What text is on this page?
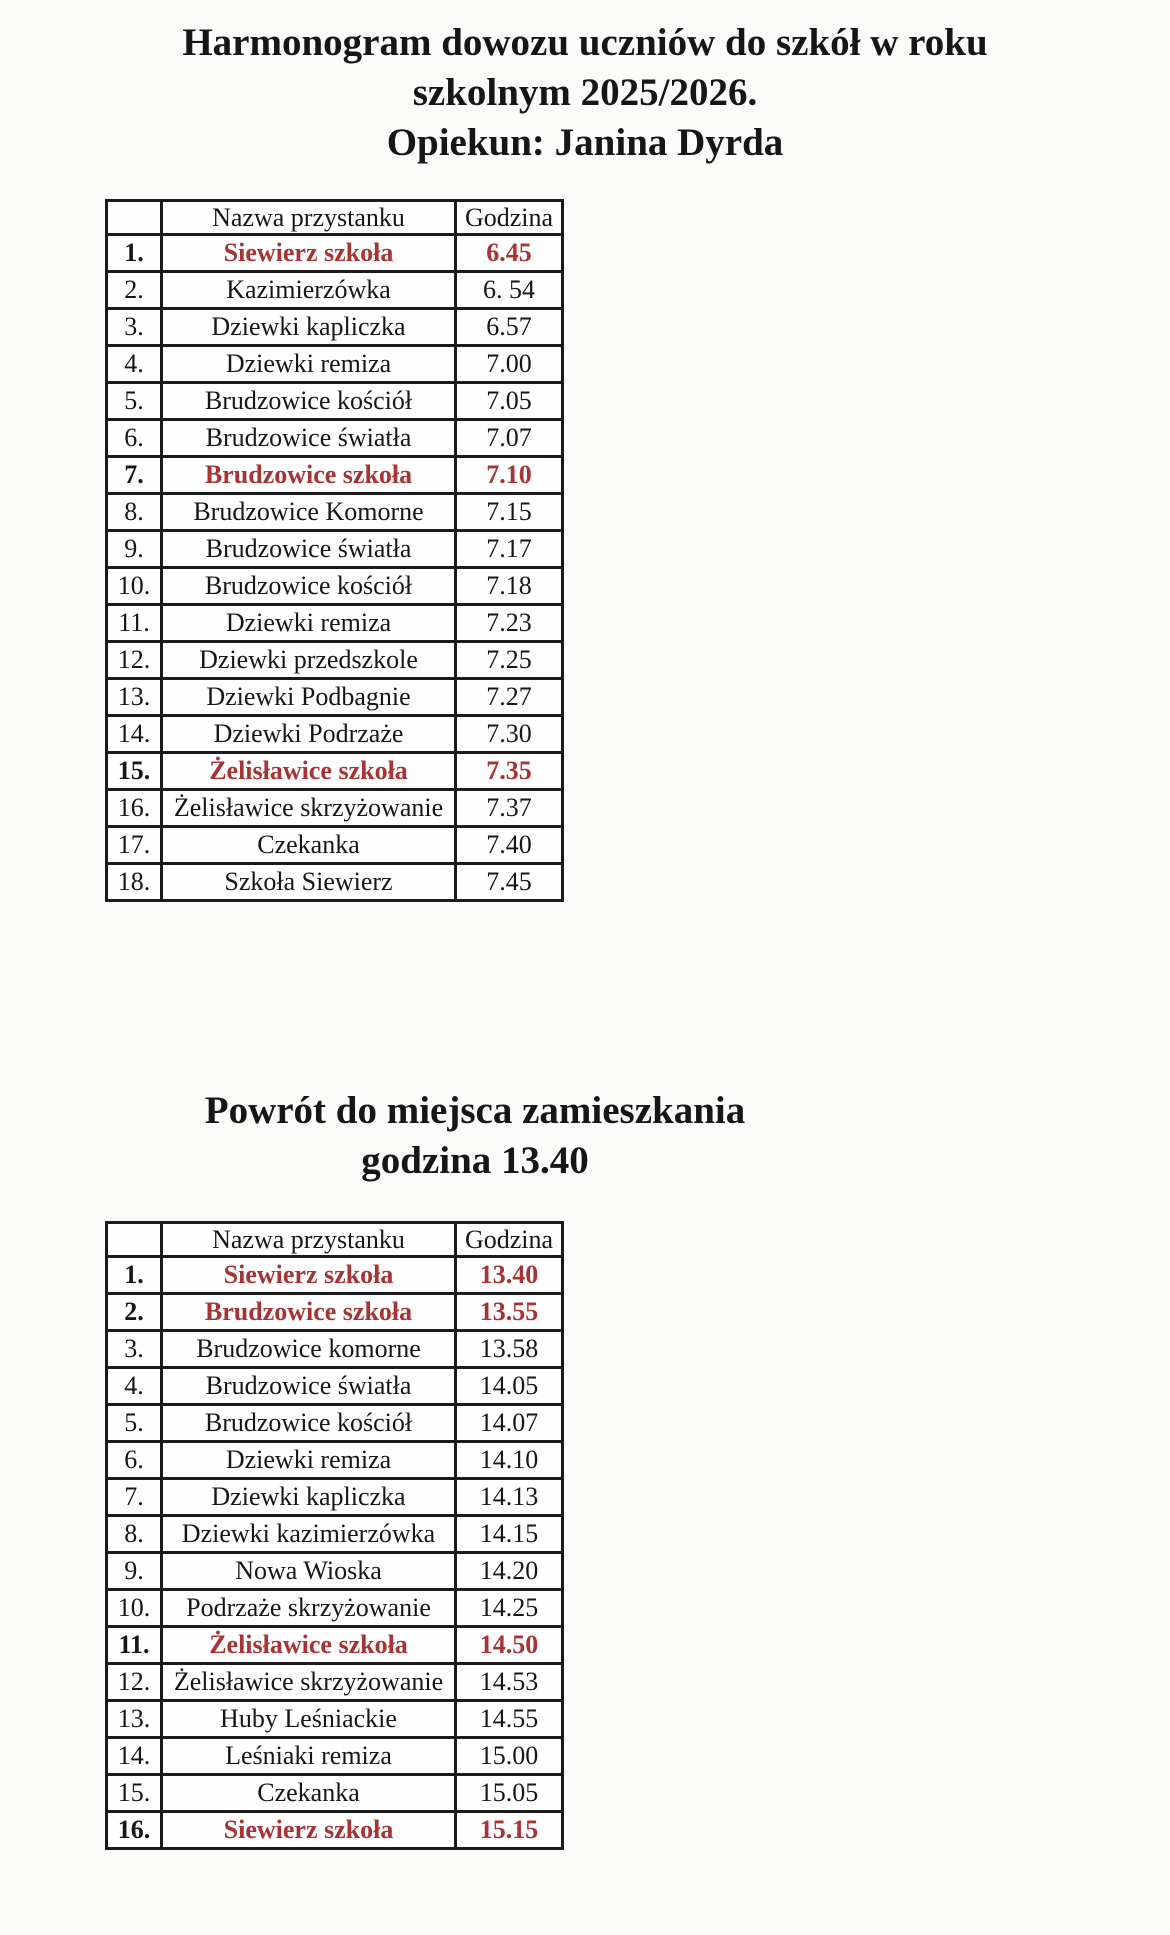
Harmonogram dowozu uczniów do szkół w roku
szkolnym 2025/2026.
Opiekun: Janina Dyrda
	Nazwa przystanku	Godzina
1.	Siewierz szkoła	6.45
2.	Kazimierzówka	6. 54
3.	Dziewki kapliczka	6.57
4.	Dziewki remiza	7.00
5.	Brudzowice kościół	7.05
6.	Brudzowice światła	7.07
7.	Brudzowice szkoła	7.10
8.	Brudzowice Komorne	7.15
9.	Brudzowice światła	7.17
10.	Brudzowice kościół	7.18
11.	Dziewki remiza	7.23
12.	Dziewki przedszkole	7.25
13.	Dziewki Podbagnie	7.27
14.	Dziewki Podrzaże	7.30
15.	Żelisławice szkoła	7.35
16.	Żelisławice skrzyżowanie	7.37
17.	Czekanka	7.40
18.	Szkoła Siewierz	7.45
Powrót do miejsca zamieszkania
godzina 13.40
	Nazwa przystanku	Godzina
1.	Siewierz szkoła	13.40
2.	Brudzowice szkoła	13.55
3.	Brudzowice komorne	13.58
4.	Brudzowice światła	14.05
5.	Brudzowice kościół	14.07
6.	Dziewki remiza	14.10
7.	Dziewki kapliczka	14.13
8.	Dziewki kazimierzówka	14.15
9.	Nowa Wioska	14.20
10.	Podrzaże skrzyżowanie	14.25
11.	Żelisławice szkoła	14.50
12.	Żelisławice skrzyżowanie	14.53
13.	Huby Leśniackie	14.55
14.	Leśniaki remiza	15.00
15.	Czekanka	15.05
16.	Siewierz szkoła	15.15
